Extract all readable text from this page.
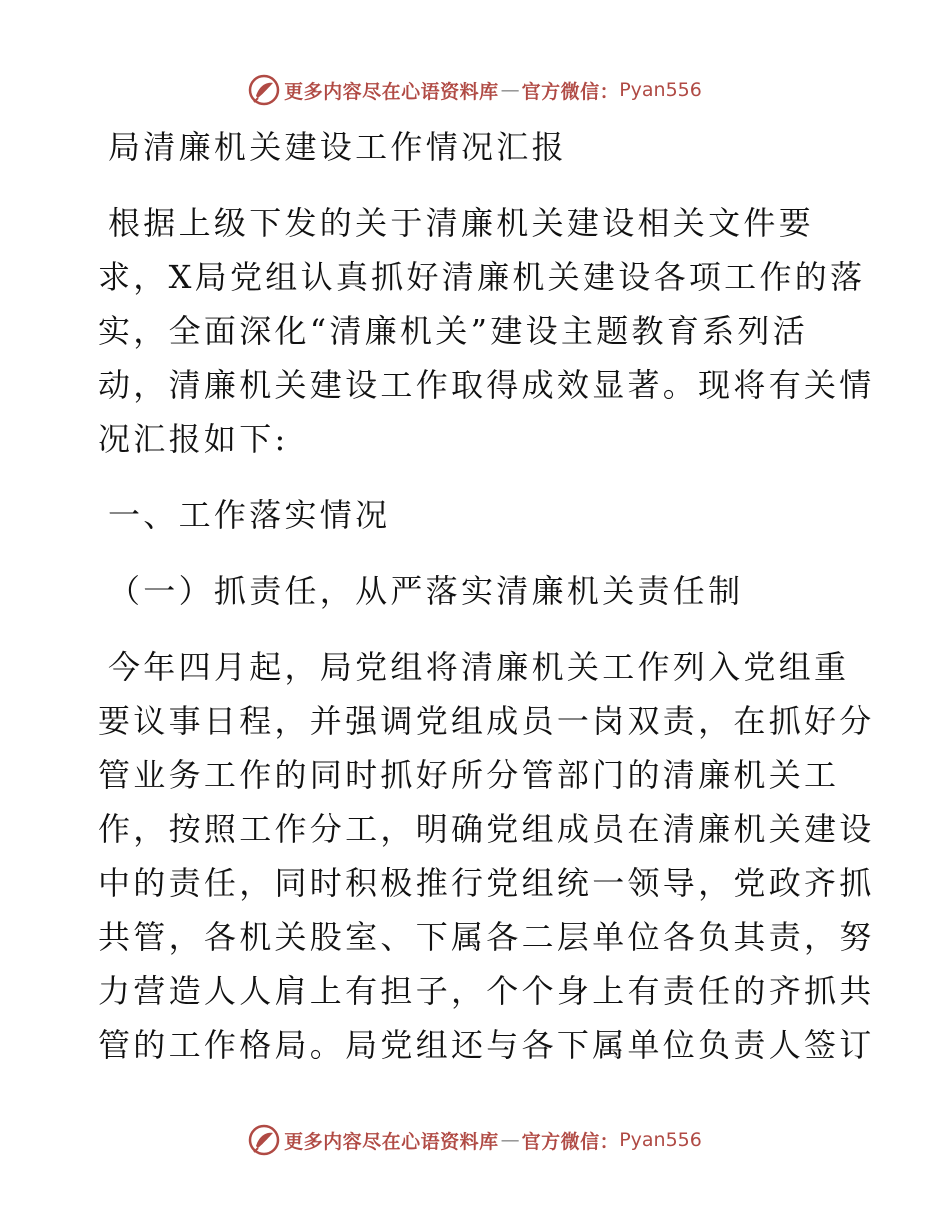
更多内容尽在心语资料库 — 官方微信： Pyan556
局清廉机关建设工作情况汇报
根据上级下发的关于清廉机关建设相关文件要
求，X局党组认真抓好清廉机关建设各项工作的落
实，全面深化“清廉机关”建设主题教育系列活
动，清廉机关建设工作取得成效显著。现将有关情
况汇报如下:
一、工作落实情况
（一）抓责任，从严落实清廉机关责任制
今年四月起，局党组将清廉机关工作列入党组重
要议事日程，并强调党组成员一岗双责，在抓好分
管业务工作的同时抓好所分管部门的清廉机关工
作，按照工作分工，明确党组成员在清廉机关建设
中的责任，同时积极推行党组统一领导，党政齐抓
共管，各机关股室、下属各二层单位各负其责，努
力营造人人肩上有担子，个个身上有责任的齐抓共
管的工作格局。局党组还与各下属单位负责人签订
更多内容尽在心语资料库 — 官方微信： Pyan556
